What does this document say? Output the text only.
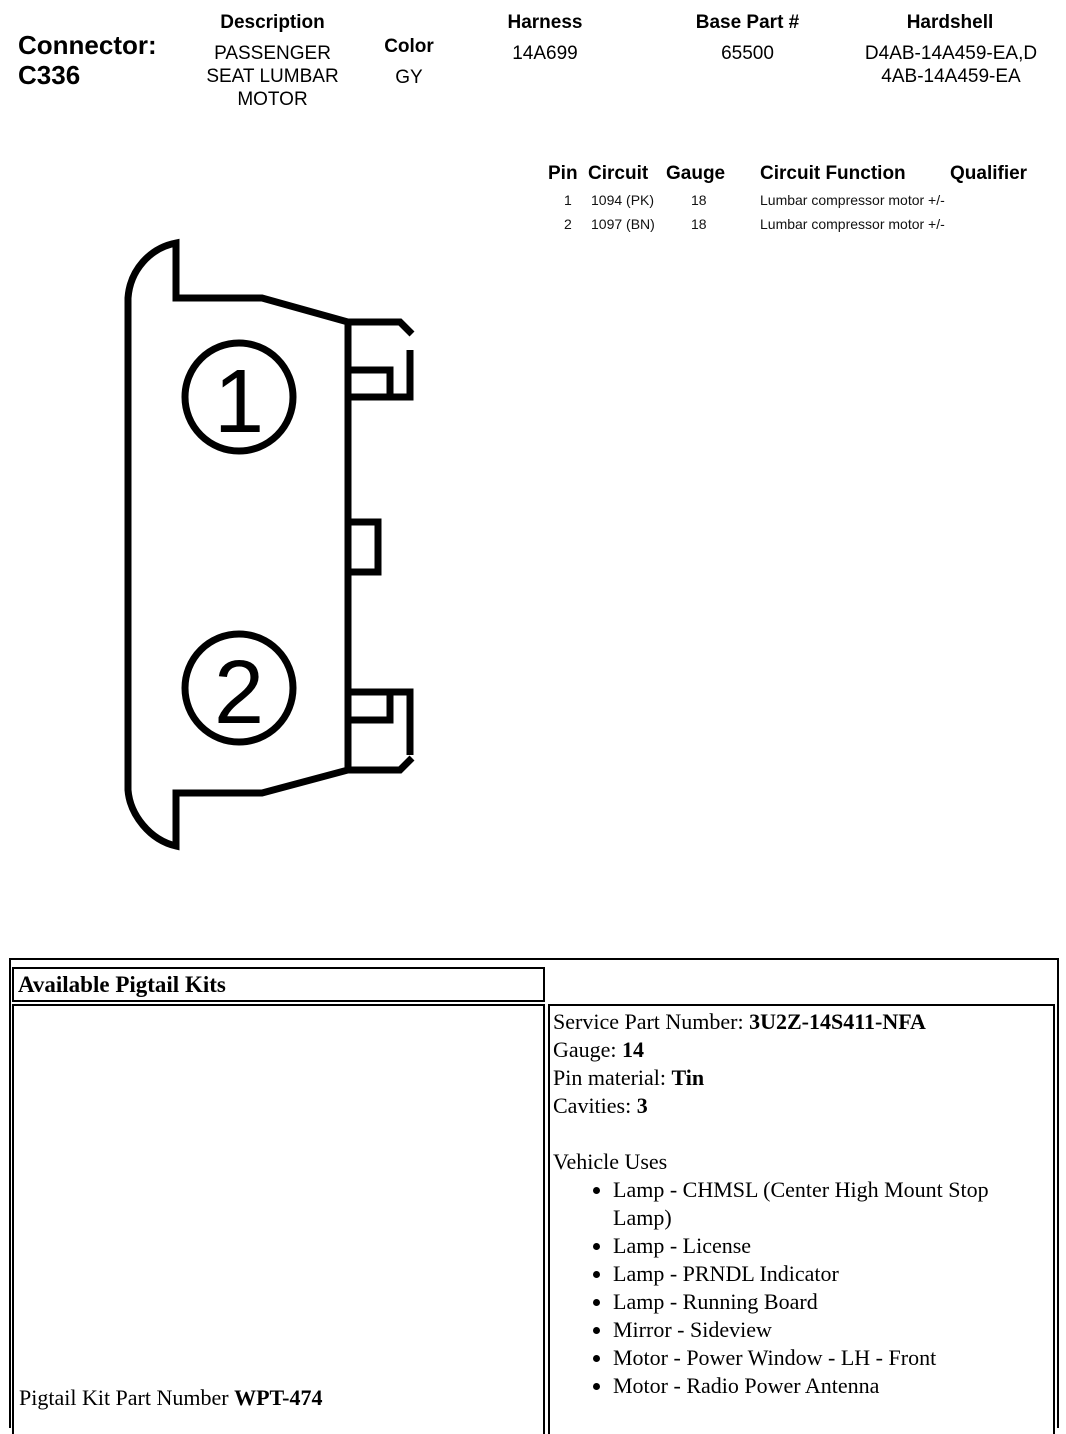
Connector:
C336
Description
PASSENGER SEAT LUMBAR MOTOR
Color
GY
Harness
14A699
Base Part #
65500
Hardshell
D4AB-14A459-EA,D4AB-14A459-EA
Pin	Circuit	Gauge	Circuit Function	Qualifier
1	1094 (PK)	18	Lumbar compressor motor +/-	
2	1097 (BN)	18	Lumbar compressor motor +/-	
1
2
Available Pigtail Kits
Pigtail Kit Part Number WPT-474
Service Part Number: 3U2Z-14S411-NFA
Gauge: 14
Pin material: Tin
Cavities: 3
Vehicle Uses
• Lamp - CHMSL (Center High Mount Stop Lamp)
• Lamp - License
• Lamp - PRNDL Indicator
• Lamp - Running Board
• Mirror - Sideview
• Motor - Power Window - LH - Front
• Motor - Radio Power Antenna
